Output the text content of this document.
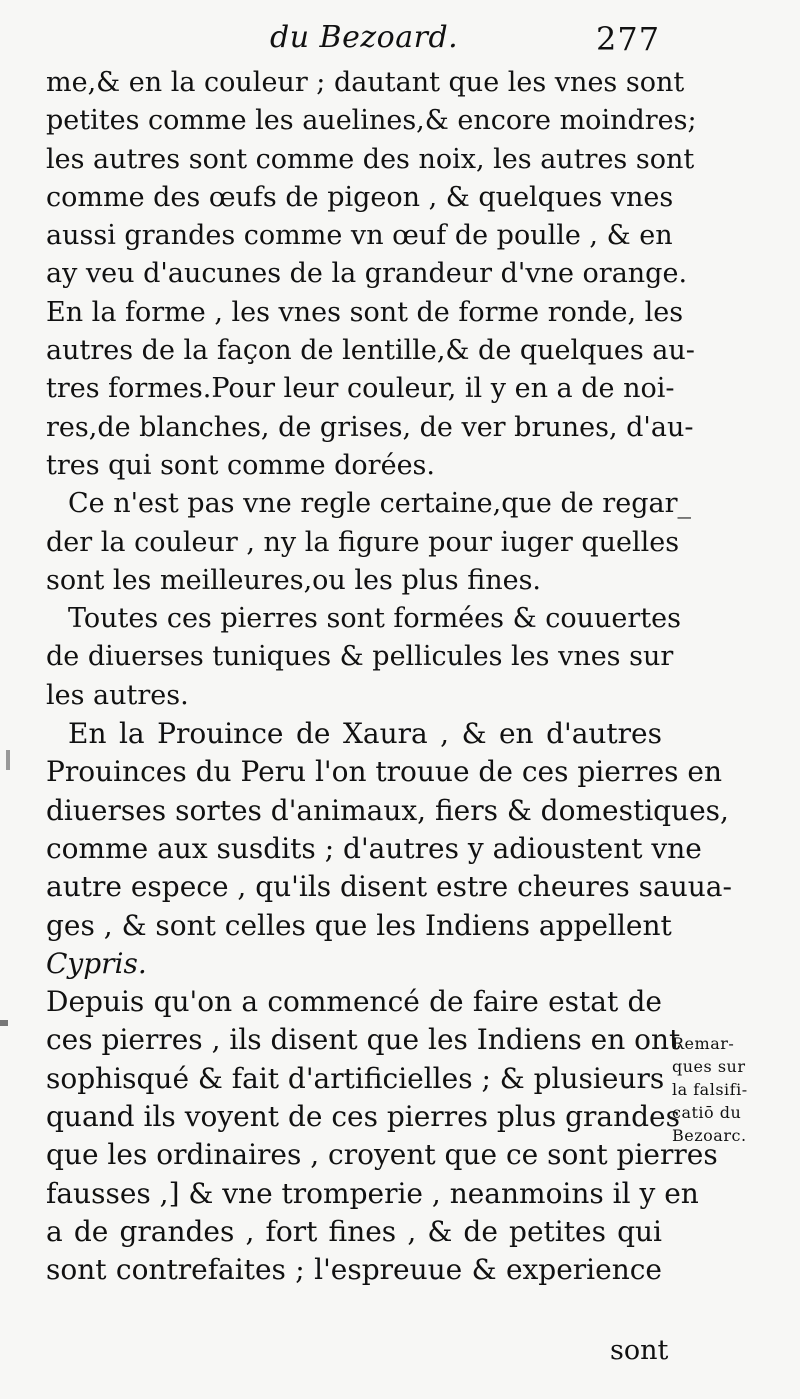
du Bezoard.	277
me,& en la couleur ; dautant que les vnes sont
petites comme les auelines,& encore moindres;
les autres sont comme des noix, les autres sont
comme des œufs de pigeon , & quelques vnes
aussi grandes comme vn œuf de poulle , & en
ay veu d'aucunes de la grandeur d'vne orange.
En la forme , les vnes sont de forme ronde, les
autres de la façon de lentille,& de quelques au-
tres formes.Pour leur couleur, il y en a de noi-
res,de blanches, de grises, de ver brunes, d'au-
tres qui sont comme dorées.
Ce n'est pas vne regle certaine,que de regar_
der la couleur , ny la figure pour iuger quelles
sont les meilleures,ou les plus fines.
Toutes ces pierres sont formées & couuertes
de diuerses tuniques & pellicules les vnes sur
les autres.
En la Prouince de Xaura , & en d'autres
Prouinces du Peru l'on trouue de ces pierres en
diuerses sortes d'animaux, fiers & domestiques,
comme aux susdits ; d'autres y adioustent vne
autre espece , qu'ils disent estre cheures sauua-
ges , & sont celles que les Indiens appellent
Cypris.
Depuis qu'on a commencé de faire estat de
ces pierres , ils disent que les Indiens en ont
sophisqué & fait d'artificielles ; & plusieurs
quand ils voyent de ces pierres plus grandes
que les ordinaires , croyent que ce sont pierres
fausses ,] & vne tromperie , neanmoins il y en
a de grandes , fort fines , & de petites qui
sont contrefaites ; l'espreuue & experience
Remar-
ques sur
la falsifi-
catiō du
Bezoarc.
sont
